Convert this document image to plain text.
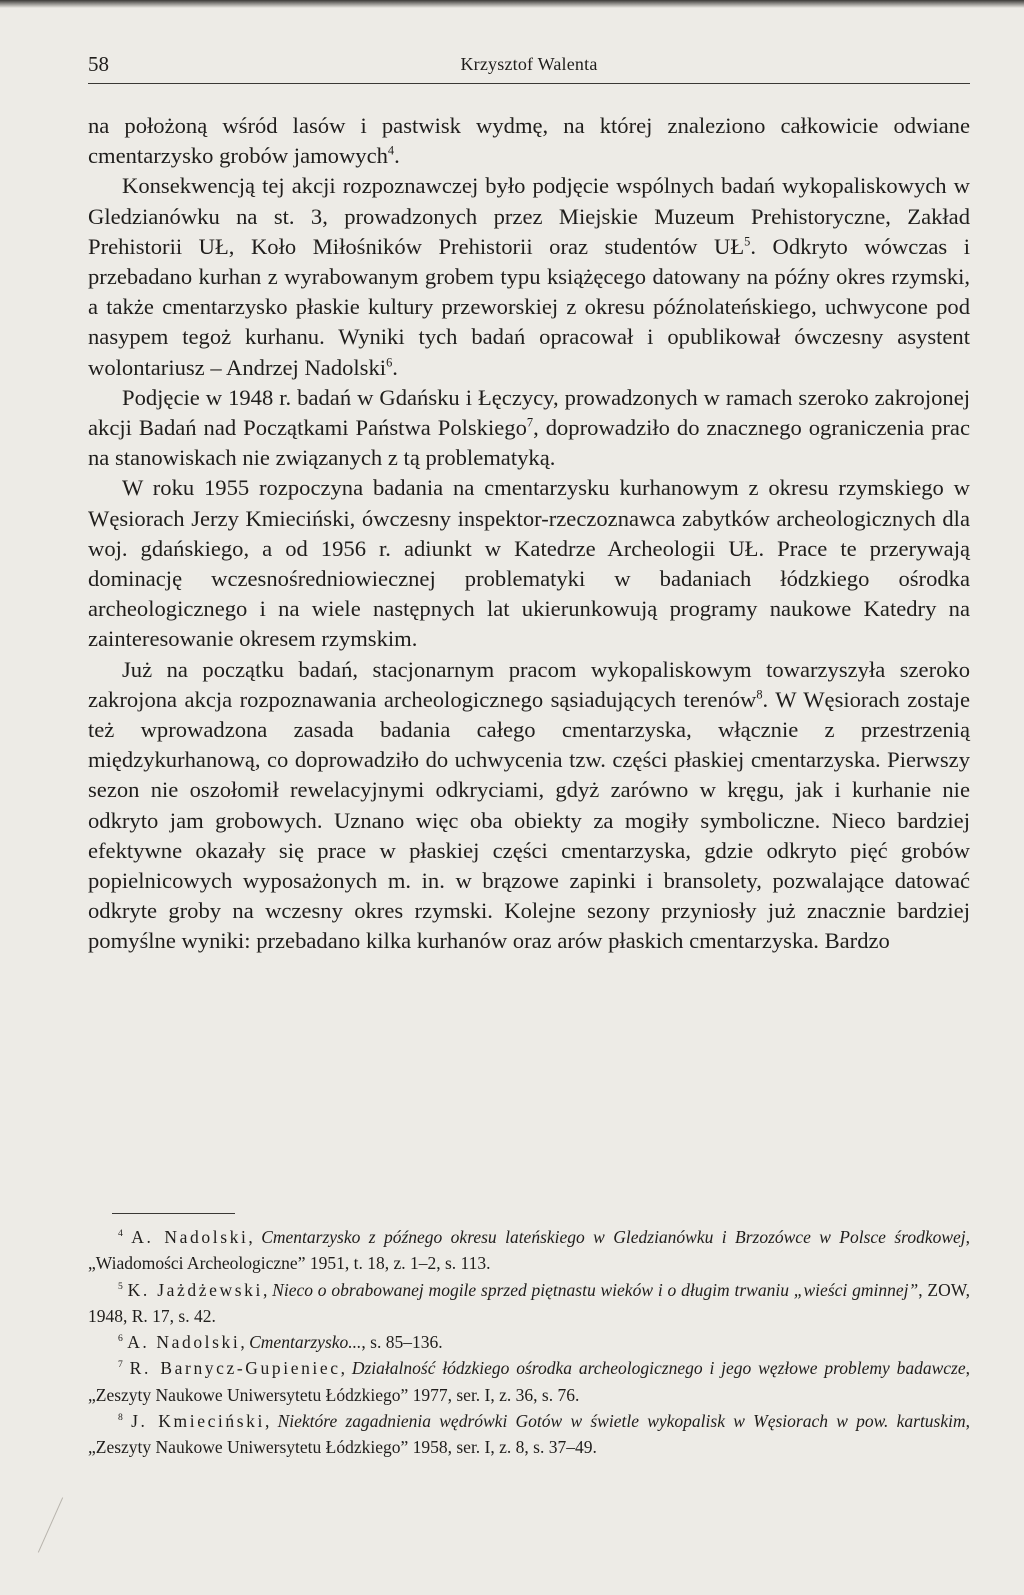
58	Krzysztof Walenta

na położoną wśród lasów i pastwisk wydmę, na której znaleziono całkowicie odwiane cmentarzysko grobów jamowych$^4$.

Konsekwencją tej akcji rozpoznawczej było podjęcie wspólnych badań wykopaliskowych w Gledzianówku na st. 3, prowadzonych przez Miejskie Muzeum Prehistoryczne, Zakład Prehistorii UŁ, Koło Miłośników Prehistorii oraz studentów $UŁ^5$. Odkryto wówczas i przebadano kurhan z wyrabowanym grobem typu książęcego datowany na późny okres rzymski, a także cmentarzysko płaskie kultury przeworskiej z okresu późnolateńskiego, uchwycone pod nasypem tegoż kurhanu. Wyniki tych badań opracował i opublikował ówczesny asystent wolontariusz – Andrzej Nadolski$^6$.

Podjęcie w 1948 r. badań w Gdańsku i Łęczycy, prowadzonych w ramach szeroko zakrojonej akcji Badań nad Początkami Państwa Polskiego$^7$, doprowadziło do znacznego ograniczenia prac na stanowiskach nie związanych z tą problematyką.

W roku 1955 rozpoczyna badania na cmentarzysku kurhanowym z okresu rzymskiego w Węsiorach Jerzy Kmieciński, ówczesny inspektor-rzeczoznawca zabytków archeologicznych dla woj. gdańskiego, a od 1956 r. adiunkt w Katedrze Archeologii UŁ. Prace te przerywają dominację wczesnośredniowiecznej problematyki w badaniach łódzkiego ośrodka archeologicznego i na wiele następnych lat ukierunkowują programy naukowe Katedry na zainteresowanie okresem rzymskim.

Już na początku badań, stacjonarnym pracom wykopaliskowym towarzyszyła szeroko zakrojona akcja rozpoznawania archeologicznego sąsiadujących terenów$^8$. W Węsiorach zostaje też wprowadzona zasada badania całego cmentarzyska, włącznie z przestrzenią międzykurhanową, co doprowadziło do uchwycenia tzw. części płaskiej cmentarzyska. Pierwszy sezon nie oszołomił rewelacyjnymi odkryciami, gdyż zarówno w kręgu, jak i kurhanie nie odkryto jam grobowych. Uznano więc oba obiekty za mogiły symboliczne. Nieco bardziej efektywne okazały się prace w płaskiej części cmentarzyska, gdzie odkryto pięć grobów popielnicowych wyposażonych m. in. w brązowe zapinki i bransolety, pozwalające datować odkryte groby na wczesny okres rzymski. Kolejne sezony przyniosły już znacznie bardziej pomyślne wyniki: przebadano kilka kurhanów oraz arów płaskich cmentarzyska. Bardzo

$^4$ A. Nadolski, Cmentarzysko z późnego okresu lateńskiego w Gledzianówku i Brzozówce w Polsce środkowej, „Wiadomości Archeologiczne” 1951, t. 18, z. 1–2, s. 113.

$^5$ K. Jażdżewski, Nieco o obrabowanej mogile sprzed piętnastu wieków i o długim trwaniu „wieści gminnej”, ZOW, 1948, R. 17, s. 42.

$^6$ A. Nadolski, Cmentarzysko..., s. 85–136.

$^7$ R. Barnycz-Gupieniec, Działalność łódzkiego ośrodka archeologicznego i jego węzłowe problemy badawcze, „Zeszyty Naukowe Uniwersytetu Łódzkiego” 1977, ser. I, z. 36, s. 76.

$^8$ J. Kmieciński, Niektóre zagadnienia wędrówki Gotów w świetle wykopalisk w Węsiorach w pow. kartuskim, „Zeszyty Naukowe Uniwersytetu Łódzkiego” 1958, ser. I, z. 8, s. 37–49.
